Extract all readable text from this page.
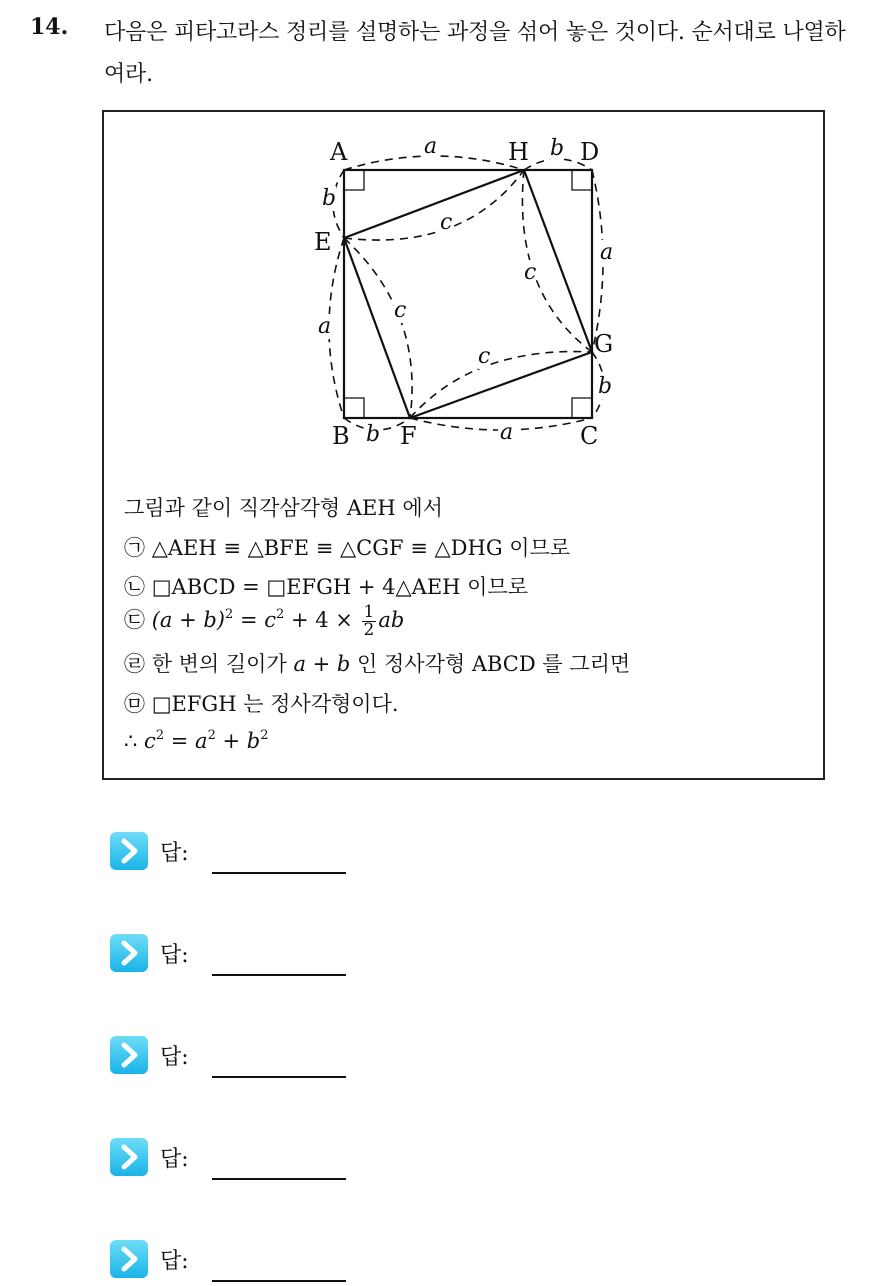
14. 다음은 피타고라스 정리를 설명하는 과정을 섞어 놓은 것이다. 순서대로 나열하여라.
A	H D
E
G
B F	C
a	b
b
a
a
b
b	a
c
c
c
c
그림과 같이 직각삼각형 AEH 에서
㉠ △AEH ≡ △BFE ≡ △CGF ≡ △DHG 이므로
㉡ □ABCD = □EFGH + 4△AEH 이므로
㉢ $(a + b)^2 = c^2 + 4 \times \frac{1}{2}$ ab
㉣ 한 변의 길이가 a + b 인 정사각형 ABCD 를 그리면
㉤ □EFGH 는 정사각형이다.
∴ $c^2 = a^2 + b^2$
답:
답:
답:
답:
답:
